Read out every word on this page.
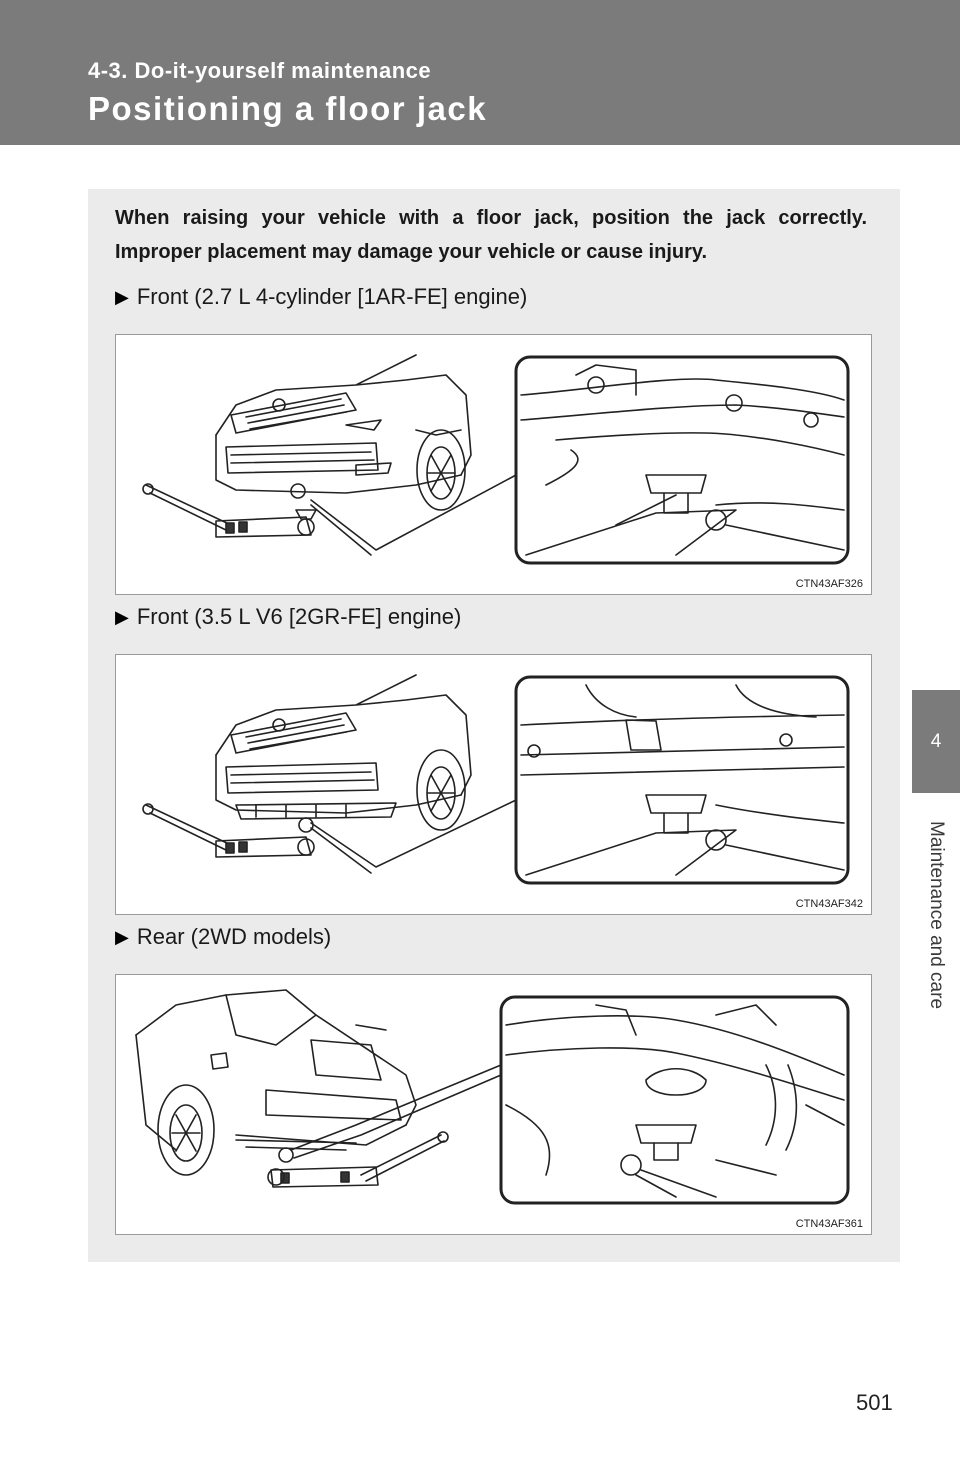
4-3. Do-it-yourself maintenance

Positioning a floor jack
4
Maintenance and care

When raising your vehicle with a floor jack, position the jack correctly. Improper placement may damage your vehicle or cause injury.

▶ Front (2.7 L 4-cylinder [1AR-FE] engine)
CTN43AF326
▶ Front (3.5 L V6 [2GR-FE] engine)
CTN43AF342
▶ Rear (2WD models)
CTN43AF361
501
